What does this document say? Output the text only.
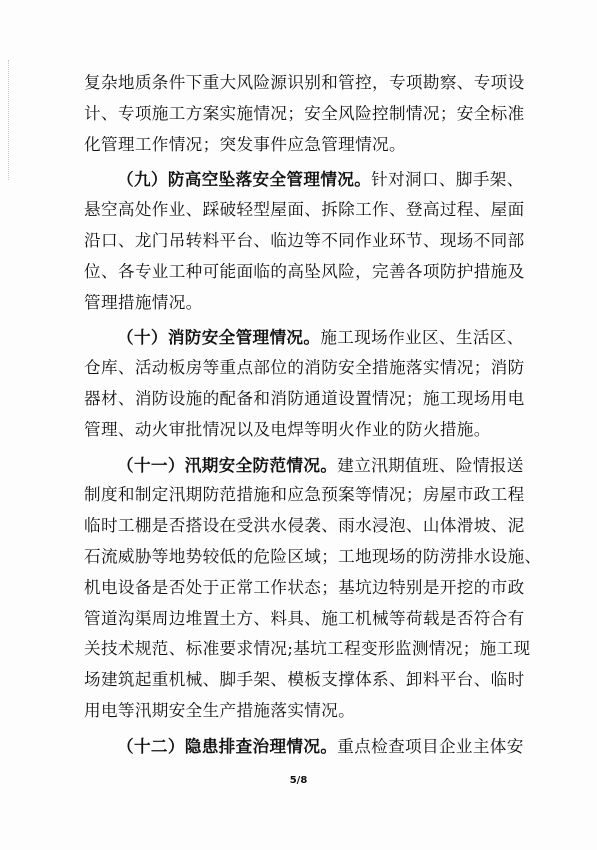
复杂地质条件下重大风险源识别和管控，专项勘察、专项设
计、专项施工方案实施情况；安全风险控制情况；安全标准
化管理工作情况；突发事件应急管理情况。
（九）防高空坠落安全管理情况。针对洞口、脚手架、
悬空高处作业、踩破轻型屋面、拆除工作、登高过程、屋面
沿口、龙门吊转料平台、临边等不同作业环节、现场不同部
位、各专业工种可能面临的高坠风险，完善各项防护措施及
管理措施情况。
（十）消防安全管理情况。施工现场作业区、生活区、
仓库、活动板房等重点部位的消防安全措施落实情况；消防
器材、消防设施的配备和消防通道设置情况；施工现场用电
管理、动火审批情况以及电焊等明火作业的防火措施。
（十一）汛期安全防范情况。建立汛期值班、险情报送
制度和制定汛期防范措施和应急预案等情况；房屋市政工程
临时工棚是否搭设在受洪水侵袭、雨水浸泡、山体滑坡、泥
石流威胁等地势较低的危险区域；工地现场的防涝排水设施、
机电设备是否处于正常工作状态；基坑边特别是开挖的市政
管道沟渠周边堆置土方、料具、施工机械等荷载是否符合有
关技术规范、标准要求情况;基坑工程变形监测情况；施工现
场建筑起重机械、脚手架、模板支撑体系、卸料平台、临时
用电等汛期安全生产措施落实情况。
（十二）隐患排查治理情况。重点检查项目企业主体安
5/8
